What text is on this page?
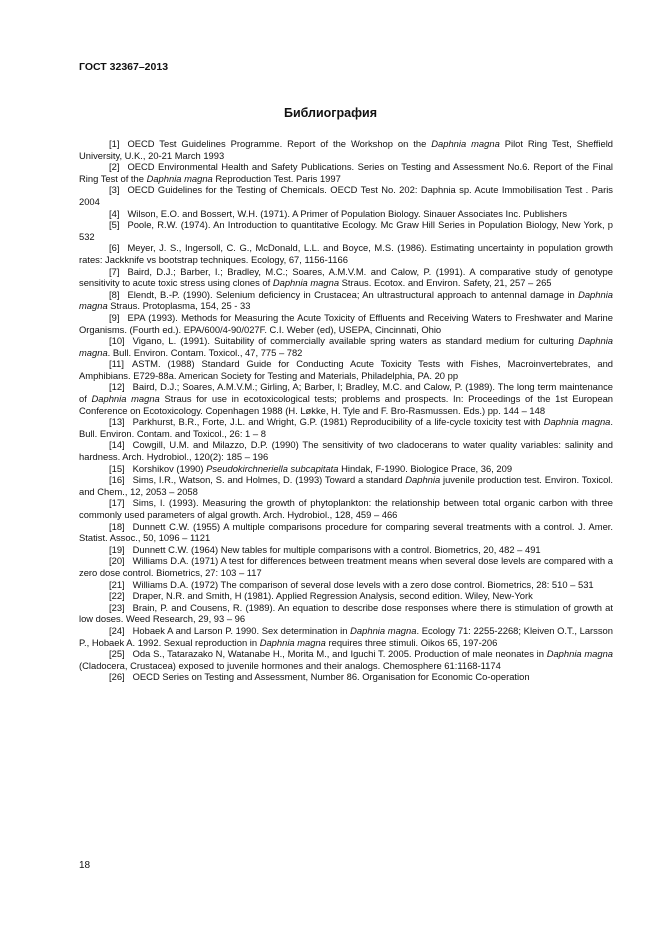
ГОСТ 32367–2013
Библиография

[1] OECD Test Guidelines Programme. Report of the Workshop on the Daphnia magna Pilot Ring Test, Sheffield University, U.K., 20-21 March 1993

[2] OECD Environmental Health and Safety Publications. Series on Testing and Assessment No.6. Report of the Final Ring Test of the Daphnia magna Reproduction Test. Paris 1997

[3] OECD Guidelines for the Testing of Chemicals. OECD Test No. 202: Daphnia sp. Acute Immobilisation Test . Paris 2004

[4] Wilson, E.O. and Bossert, W.H. (1971). A Primer of Population Biology. Sinauer Associates Inc. Publishers

[5] Poole, R.W. (1974). An Introduction to quantitative Ecology. Mc Graw Hill Series in Population Biology, New York, p 532

[6] Meyer, J. S., Ingersoll, C. G., McDonald, L.L. and Boyce, M.S. (1986). Estimating uncertainty in population growth rates: Jackknife vs bootstrap techniques. Ecology, 67, 1156-1166

[7] Baird, D.J.; Barber, I.; Bradley, M.C.; Soares, A.M.V.M. and Calow, P. (1991). A comparative study of genotype sensitivity to acute toxic stress using clones of Daphnia magna Straus. Ecotox. and Environ. Safety, 21, 257 – 265

[8] Elendt, B.-P. (1990). Selenium deficiency in Crustacea; An ultrastructural approach to antennal damage in Daphnia magna Straus. Protoplasma, 154, 25 - 33

[9] EPA (1993). Methods for Measuring the Acute Toxicity of Effluents and Receiving Waters to Freshwater and Marine Organisms. (Fourth ed.). EPA/600/4-90/027F. C.I. Weber (ed), USEPA, Cincinnati, Ohio

[10] Vigano, L. (1991). Suitability of commercially available spring waters as standard medium for culturing Daphnia magna. Bull. Environ. Contam. Toxicol., 47, 775 – 782

[11] ASTM. (1988) Standard Guide for Conducting Acute Toxicity Tests with Fishes, Macroinvertebrates, and Amphibians. E729-88a. American Society for Testing and Materials, Philadelphia, PA. 20 pp

[12] Baird, D.J.; Soares, A.M.V.M.; Girling, A; Barber, I; Bradley, M.C. and Calow, P. (1989). The long term maintenance of Daphnia magna Straus for use in ecotoxicological tests; problems and prospects. In: Proceedings of the 1st European Conference on Ecotoxicology. Copenhagen 1988 (H. Løkke, H. Tyle and F. Bro-Rasmussen. Eds.) pp. 144 – 148

[13] Parkhurst, B.R., Forte, J.L. and Wright, G.P. (1981) Reproducibility of a life-cycle toxicity test with Daphnia magna. Bull. Environ. Contam. and Toxicol., 26: 1 – 8

[14] Cowgill, U.M. and Milazzo, D.P. (1990) The sensitivity of two cladocerans to water quality variables: salinity and hardness. Arch. Hydrobiol., 120(2): 185 – 196

[15] Korshikov (1990) Pseudokirchneriella subcapitata Hindak, F-1990. Biologice Prace, 36, 209

[16] Sims, I.R., Watson, S. and Holmes, D. (1993) Toward a standard Daphnia juvenile production test. Environ. Toxicol. and Chem., 12, 2053 – 2058

[17] Sims, I. (1993). Measuring the growth of phytoplankton: the relationship between total organic carbon with three commonly used parameters of algal growth. Arch. Hydrobiol., 128, 459 – 466

[18] Dunnett C.W. (1955) A multiple comparisons procedure for comparing several treatments with a control. J. Amer. Statist. Assoc., 50, 1096 – 1121

[19] Dunnett C.W. (1964) New tables for multiple comparisons with a control. Biometrics, 20, 482 – 491

[20] Williams D.A. (1971) A test for differences between treatment means when several dose levels are compared with a zero dose control. Biometrics, 27: 103 – 117

[21] Williams D.A. (1972) The comparison of several dose levels with a zero dose control. Biometrics, 28: 510 – 531

[22] Draper, N.R. and Smith, H (1981). Applied Regression Analysis, second edition. Wiley, New-York

[23] Brain, P. and Cousens, R. (1989). An equation to describe dose responses where there is stimulation of growth at low doses. Weed Research, 29, 93 – 96

[24] Hobaek A and Larson P. 1990. Sex determination in Daphnia magna. Ecology 71: 2255-2268; Kleiven O.T., Larsson P., Hobaek A. 1992. Sexual reproduction in Daphnia magna requires three stimuli. Oikos 65, 197-206

[25] Oda S., Tatarazako N, Watanabe H., Morita M., and Iguchi T. 2005. Production of male neonates in Daphnia magna (Cladocera, Crustacea) exposed to juvenile hormones and their analogs. Chemosphere 61:1168-1174

[26] OECD Series on Testing and Assessment, Number 86. Organisation for Economic Co-operation

18
